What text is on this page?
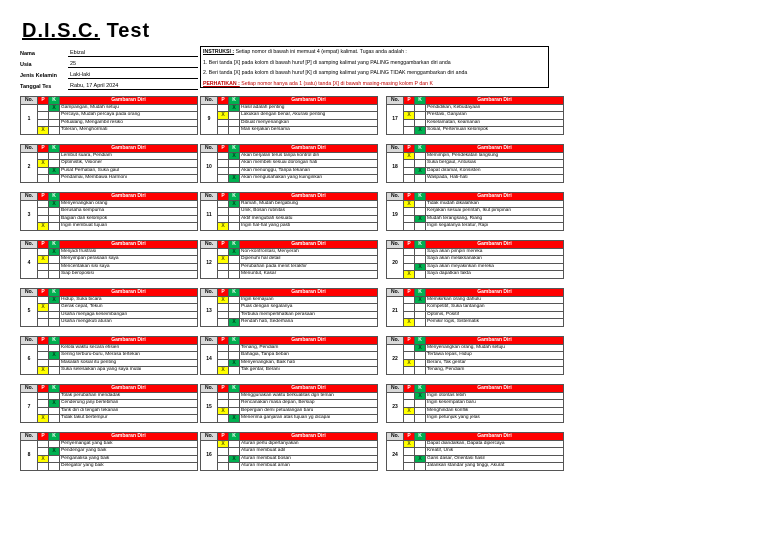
D.I.S.C. Test
Nama	Ebizal
Usia	25
Jenis Kelamin	Laki-laki
Tanggal Tes	Rabu, 17 April 2024
INSTRUKSI : Setiap nomor di bawah ini memuat 4 (empat) kalimat. Tugas anda adalah :
1. Beri tanda [X] pada kolom di bawah huruf [P] di samping kalimat yang PALING menggambarkan diri anda
2. Beri tanda [X] pada kolom di bawah huruf [K] di samping kalimat yang PALING TIDAK menggambarkan diri anda
PERHATIKAN : Setiap nomor hanya ada 1 (satu) tanda [X] di bawah masing-masing kolom P dan K
No.	P	K	Gambaran Diri
1		X	Gampangan, Mudah setuju
			Percaya, Mudah percaya pada orang
			Petualang, Mengambil resiko
	X		Toleran, Menghormati
No.	P	K	Gambaran Diri
2			Lembut suara, Pendiam
	X		Optimistik, Visioner
		X	Pusat Perhatian, Suka gaul
			Pendamai, Membawa Harmoni
No.	P	K	Gambaran Diri
3		X	Menyenangkan orang
			Berusaha sempurna
			Bagian dari kelompok
	X		Ingin membuat tujuan
No.	P	K	Gambaran Diri
4		X	Menjadi frustrasi
	X		Menyimpan perasaan saya
			Menceritakan sisi saya
			Siap beroposisi
No.	P	K	Gambaran Diri
5		X	Hidup, Suka bicara
	X		Gerak cepat, Tekun
			Usaha menjaga keseimbangan
			Usaha mengikuti aturan
No.	P	K	Gambaran Diri
6			Kelola waktu secara efisien
		X	Sering terburu-buru, Merasa tertekan
			Masalah sosial itu penting
	X		Suka selesaikan apa yang saya mulai
No.	P	K	Gambaran Diri
7			Tolak perubahan mendadak
		X	Cenderung janji berlebihan
			Tarik diri di tengah tekanan
	X		Tidak takut bertempur
No.	P	K	Gambaran Diri
8			Penyemangat yang baik
		X	Pendengar yang baik
	X		Penganalisa yang baik
			Delegator yang baik
No.	P	K	Gambaran Diri
9		X	Hasil adalah penting
	X		Lakukan dengan benar, Akurasi penting
			Dibuat menyenangkan
			Mari kerjakan bersama
No.	P	K	Gambaran Diri
10		X	Akan berjalan terus tanpa kontrol diri
			Akan membeli sesuai dorongan hati
			Akan menunggu, Tanpa tekanan
		X	Akan mengusahakan yang kuinginkan
No.	P	K	Gambaran Diri
11		X	Ramah, Mudah bergabung
			Unik, Bosan rutinitas
			Aktif mengubah sesuatu
	X		Ingin hal-hal yang pasti
No.	P	K	Gambaran Diri
12		X	Non-konfrontasi, Menyerah
	X		Dipenuhi hal detail
			Perubahan pada menit terakhir
			Menuntut, Kasar
No.	P	K	Gambaran Diri
13	X		Ingin kemajuan
			Puas dengan segalanya
			Terbuka memperlihatkan perasaan
		X	Rendah hati, Sederhana
No.	P	K	Gambaran Diri
14			Tenang, Pendiam
			Bahagia, Tanpa beban
		X	Menyenangkan, Baik hati
	X		Tak gentar, Berani
No.	P	K	Gambaran Diri
15			Menggunakan waktu berkualitas dgn teman
			Rencanakan masa depan, Bersiap
	X		Bepergian demi petualangan baru
		X	Menerima ganjaran atas tujuan yg dicapai
No.	P	K	Gambaran Diri
16	X		Aturan perlu dipertanyakan
			Aturan membuat adil
		X	Aturan membuat bosan
			Aturan membuat aman
No.	P	K	Gambaran Diri
17			Pendidikan, Kebudayaan
	X		Prestasi, Ganjaran
			Keselamatan, keamanan
		X	Sosial, Pertemuan kelompok
No.	P	K	Gambaran Diri
18	X		Memimpin, Pendekatan langsung
			Suka bergaul, Antusias
		X	Dapat diramal, Konsisten
			Waspada, Hati-hati
No.	P	K	Gambaran Diri
19	X		Tidak mudah dikalahkan
			Kerjakan sesuai perintah, Ikut pimpinan
		X	Mudah terangsang, Riang
			Ingin segalanya teratur, Rapi
No.	P	K	Gambaran Diri
20			Saya akan pimpin mereka
			Saya akan melaksanakan
		X	Saya akan meyakinkan mereka
	X		Saya dapatkan fakta
No.	P	K	Gambaran Diri
21		X	Memikirkan orang dahulu
			Kompetitif, Suka tantangan
			Optimis, Positif
	X		Pemikir logis, Sistematik
No.	P	K	Gambaran Diri
22		X	Menyenangkan orang, Mudah setuju
			Tertawa lepas, Hidup
	X		Berani, Tak gentar
			Tenang, Pendiam
No.	P	K	Gambaran Diri
23		X	Ingin otoritas lebih
			Ingin kesempatan baru
	X		Menghindari konflik
			Ingin petunjuk yang jelas
No.	P	K	Gambaran Diri
24	X		Dapat diandalkan, Dapata dipercaya
			Kreatif, Unik
		X	Garis dasar, Orientasi hasil
			Jalankan standar yang tinggi, Akurat
